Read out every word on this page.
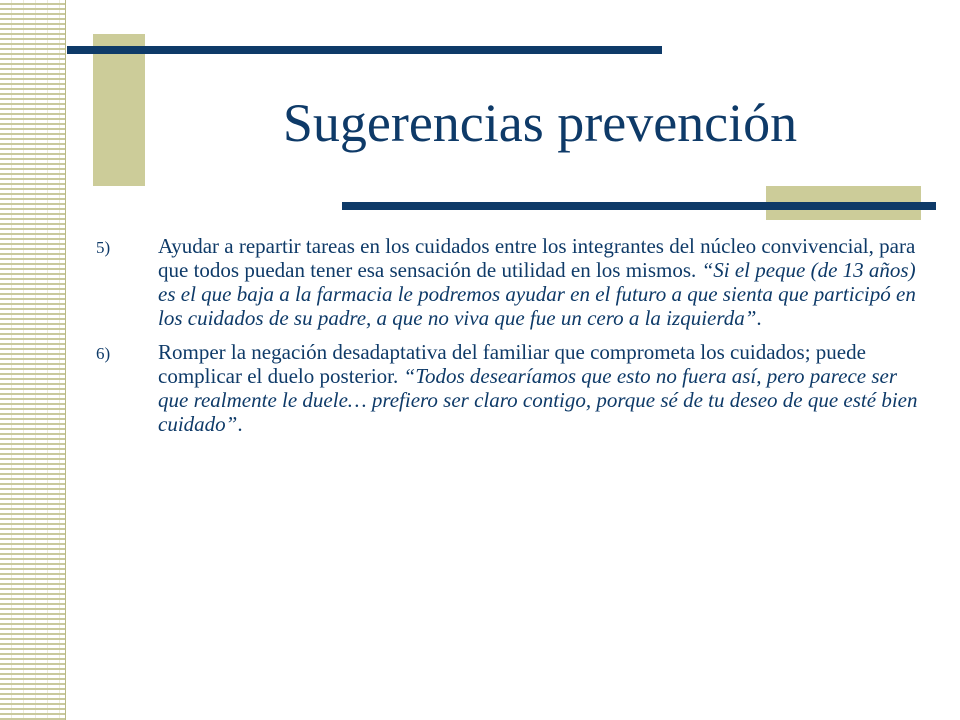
Sugerencias prevención
5) Ayudar a repartir tareas en los cuidados entre los integrantes del núcleo convivencial, para que todos puedan tener esa sensación de utilidad en los mismos. “Si el peque (de 13 años) es el que baja a la farmacia le podremos ayudar en el futuro a que sienta que participó en los cuidados de su padre, a que no viva que fue un cero a la izquierda”.
6) Romper la negación desadaptativa del familiar que comprometa los cuidados; puede complicar el duelo posterior. “Todos desearíamos que esto no fuera así, pero parece ser que realmente le duele… prefiero ser claro contigo, porque sé de tu deseo de que esté bien cuidado”.
